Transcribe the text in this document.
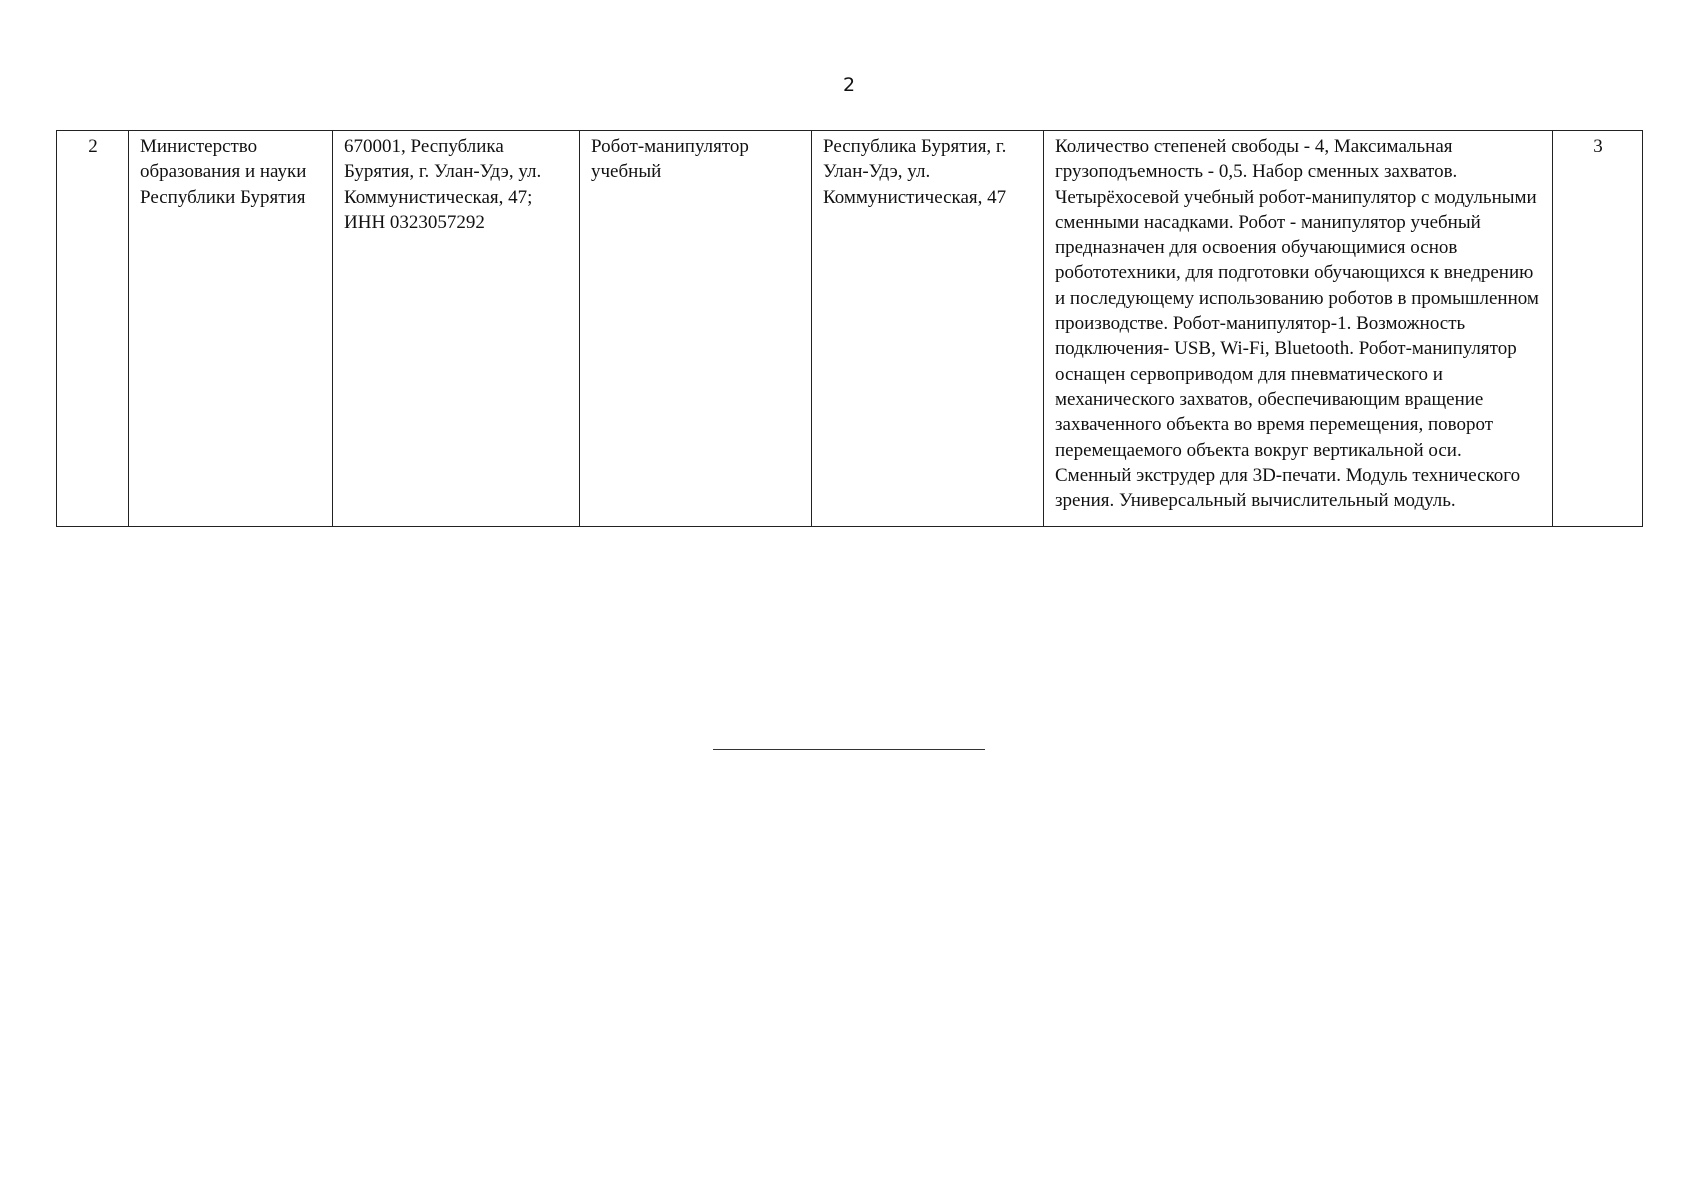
2
2	Министерство образования и науки Республики Бурятия	670001, Республика Бурятия, г. Улан-Удэ, ул. Коммунистическая, 47; ИНН 0323057292	Робот-манипулятор учебный	Республика Бурятия, г. Улан-Удэ, ул. Коммунистическая, 47	Количество степеней свободы - 4, Максимальная грузоподъемность - 0,5. Набор сменных захватов. Четырёхосевой учебный робот-манипулятор с модульными сменными насадками. Робот - манипулятор учебный предназначен для освоения обучающимися основ робототехники, для подготовки обучающихся к внедрению и последующему использованию роботов в промышленном производстве. Робот-манипулятор-1. Возможность подключения- USB, Wi-Fi, Bluetooth. Робот-манипулятор оснащен сервоприводом для пневматического и механического захватов, обеспечивающим вращение захваченного объекта во время перемещения, поворот перемещаемого объекта вокруг вертикальной оси. Сменный экструдер для 3D-печати. Модуль технического зрения. Универсальный вычислительный модуль.	3
